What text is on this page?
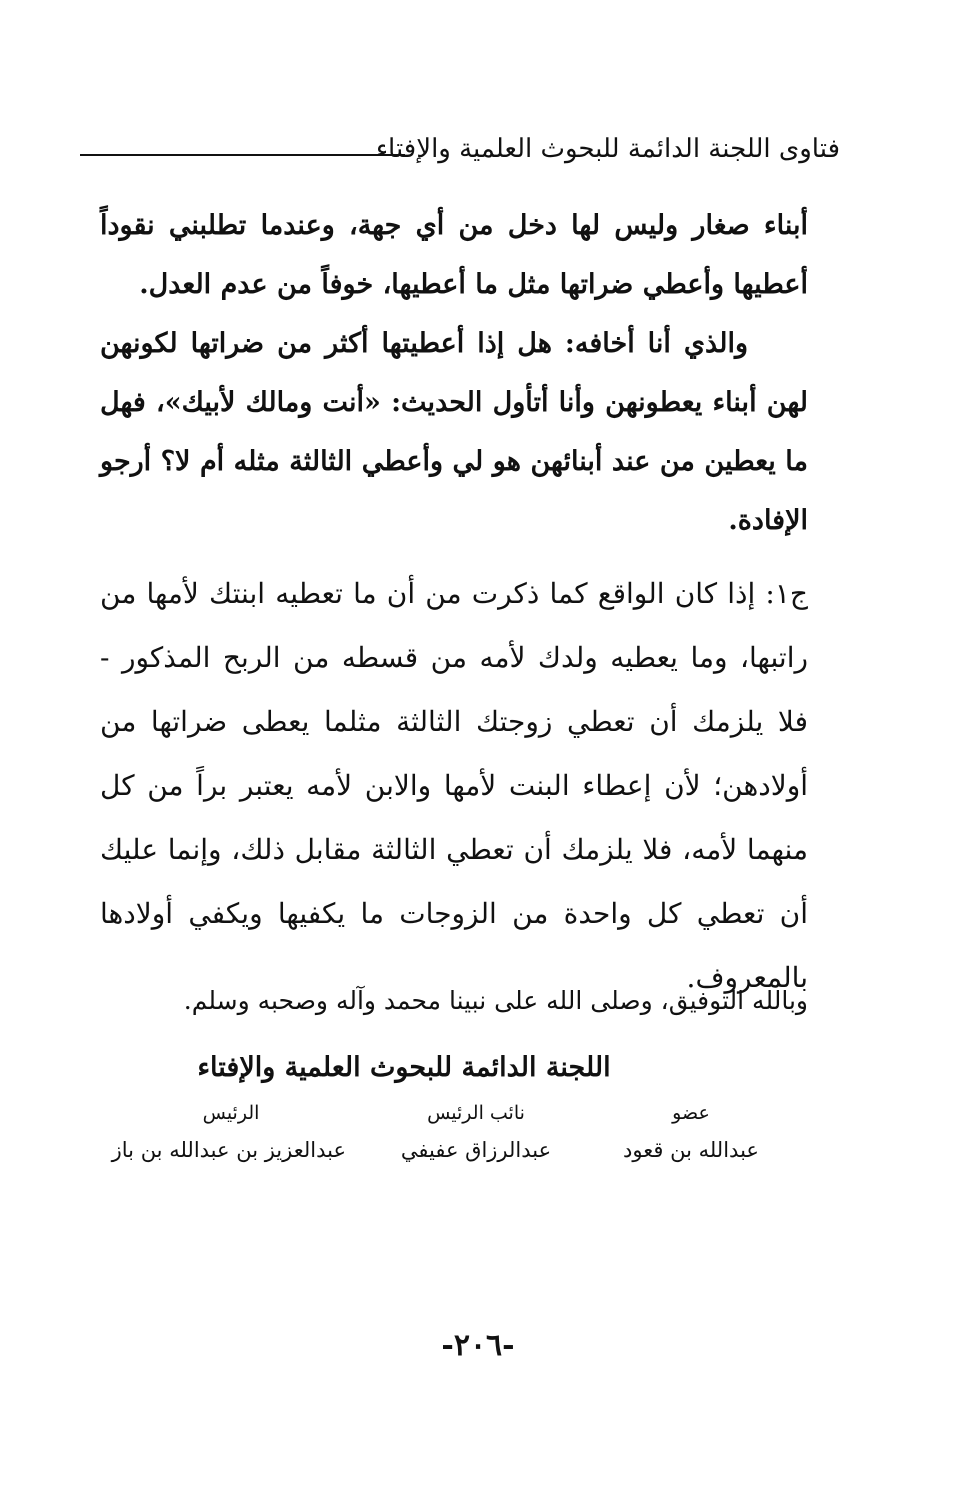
فتاوى اللجنة الدائمة للبحوث العلمية والإفتاء

أبناء صغار وليس لها دخل من أي جهة، وعندما تطلبني نقوداً أعطيها وأعطي ضراتها مثل ما أعطيها، خوفاً من عدم العدل.

والذي أنا أخافه: هل إذا أعطيتها أكثر من ضراتها لكونهن لهن أبناء يعطونهن وأنا أتأول الحديث: «أنت ومالك لأبيك»، فهل ما يعطين من عند أبنائهن هو لي وأعطي الثالثة مثله أم لا؟ أرجو الإفادة.

ج١: إذا كان الواقع كما ذكرت من أن ما تعطيه ابنتك لأمها من راتبها، وما يعطيه ولدك لأمه من قسطه من الربح المذكور - فلا يلزمك أن تعطي زوجتك الثالثة مثلما يعطى ضراتها من أولادهن؛ لأن إعطاء البنت لأمها والابن لأمه يعتبر براً من كل منهما لأمه، فلا يلزمك أن تعطي الثالثة مقابل ذلك، وإنما عليك أن تعطي كل واحدة من الزوجات ما يكفيها ويكفي أولادها بالمعروف.

وبالله التوفيق، وصلى الله على نبينا محمد وآله وصحبه وسلم.
اللجنة الدائمة للبحوث العلمية والإفتاء
عضو
عبدالله بن قعود
نائب الرئيس
عبدالرزاق عفيفي
الرئيس
عبدالعزيز بن عبدالله بن باز
-٢٠٦-
